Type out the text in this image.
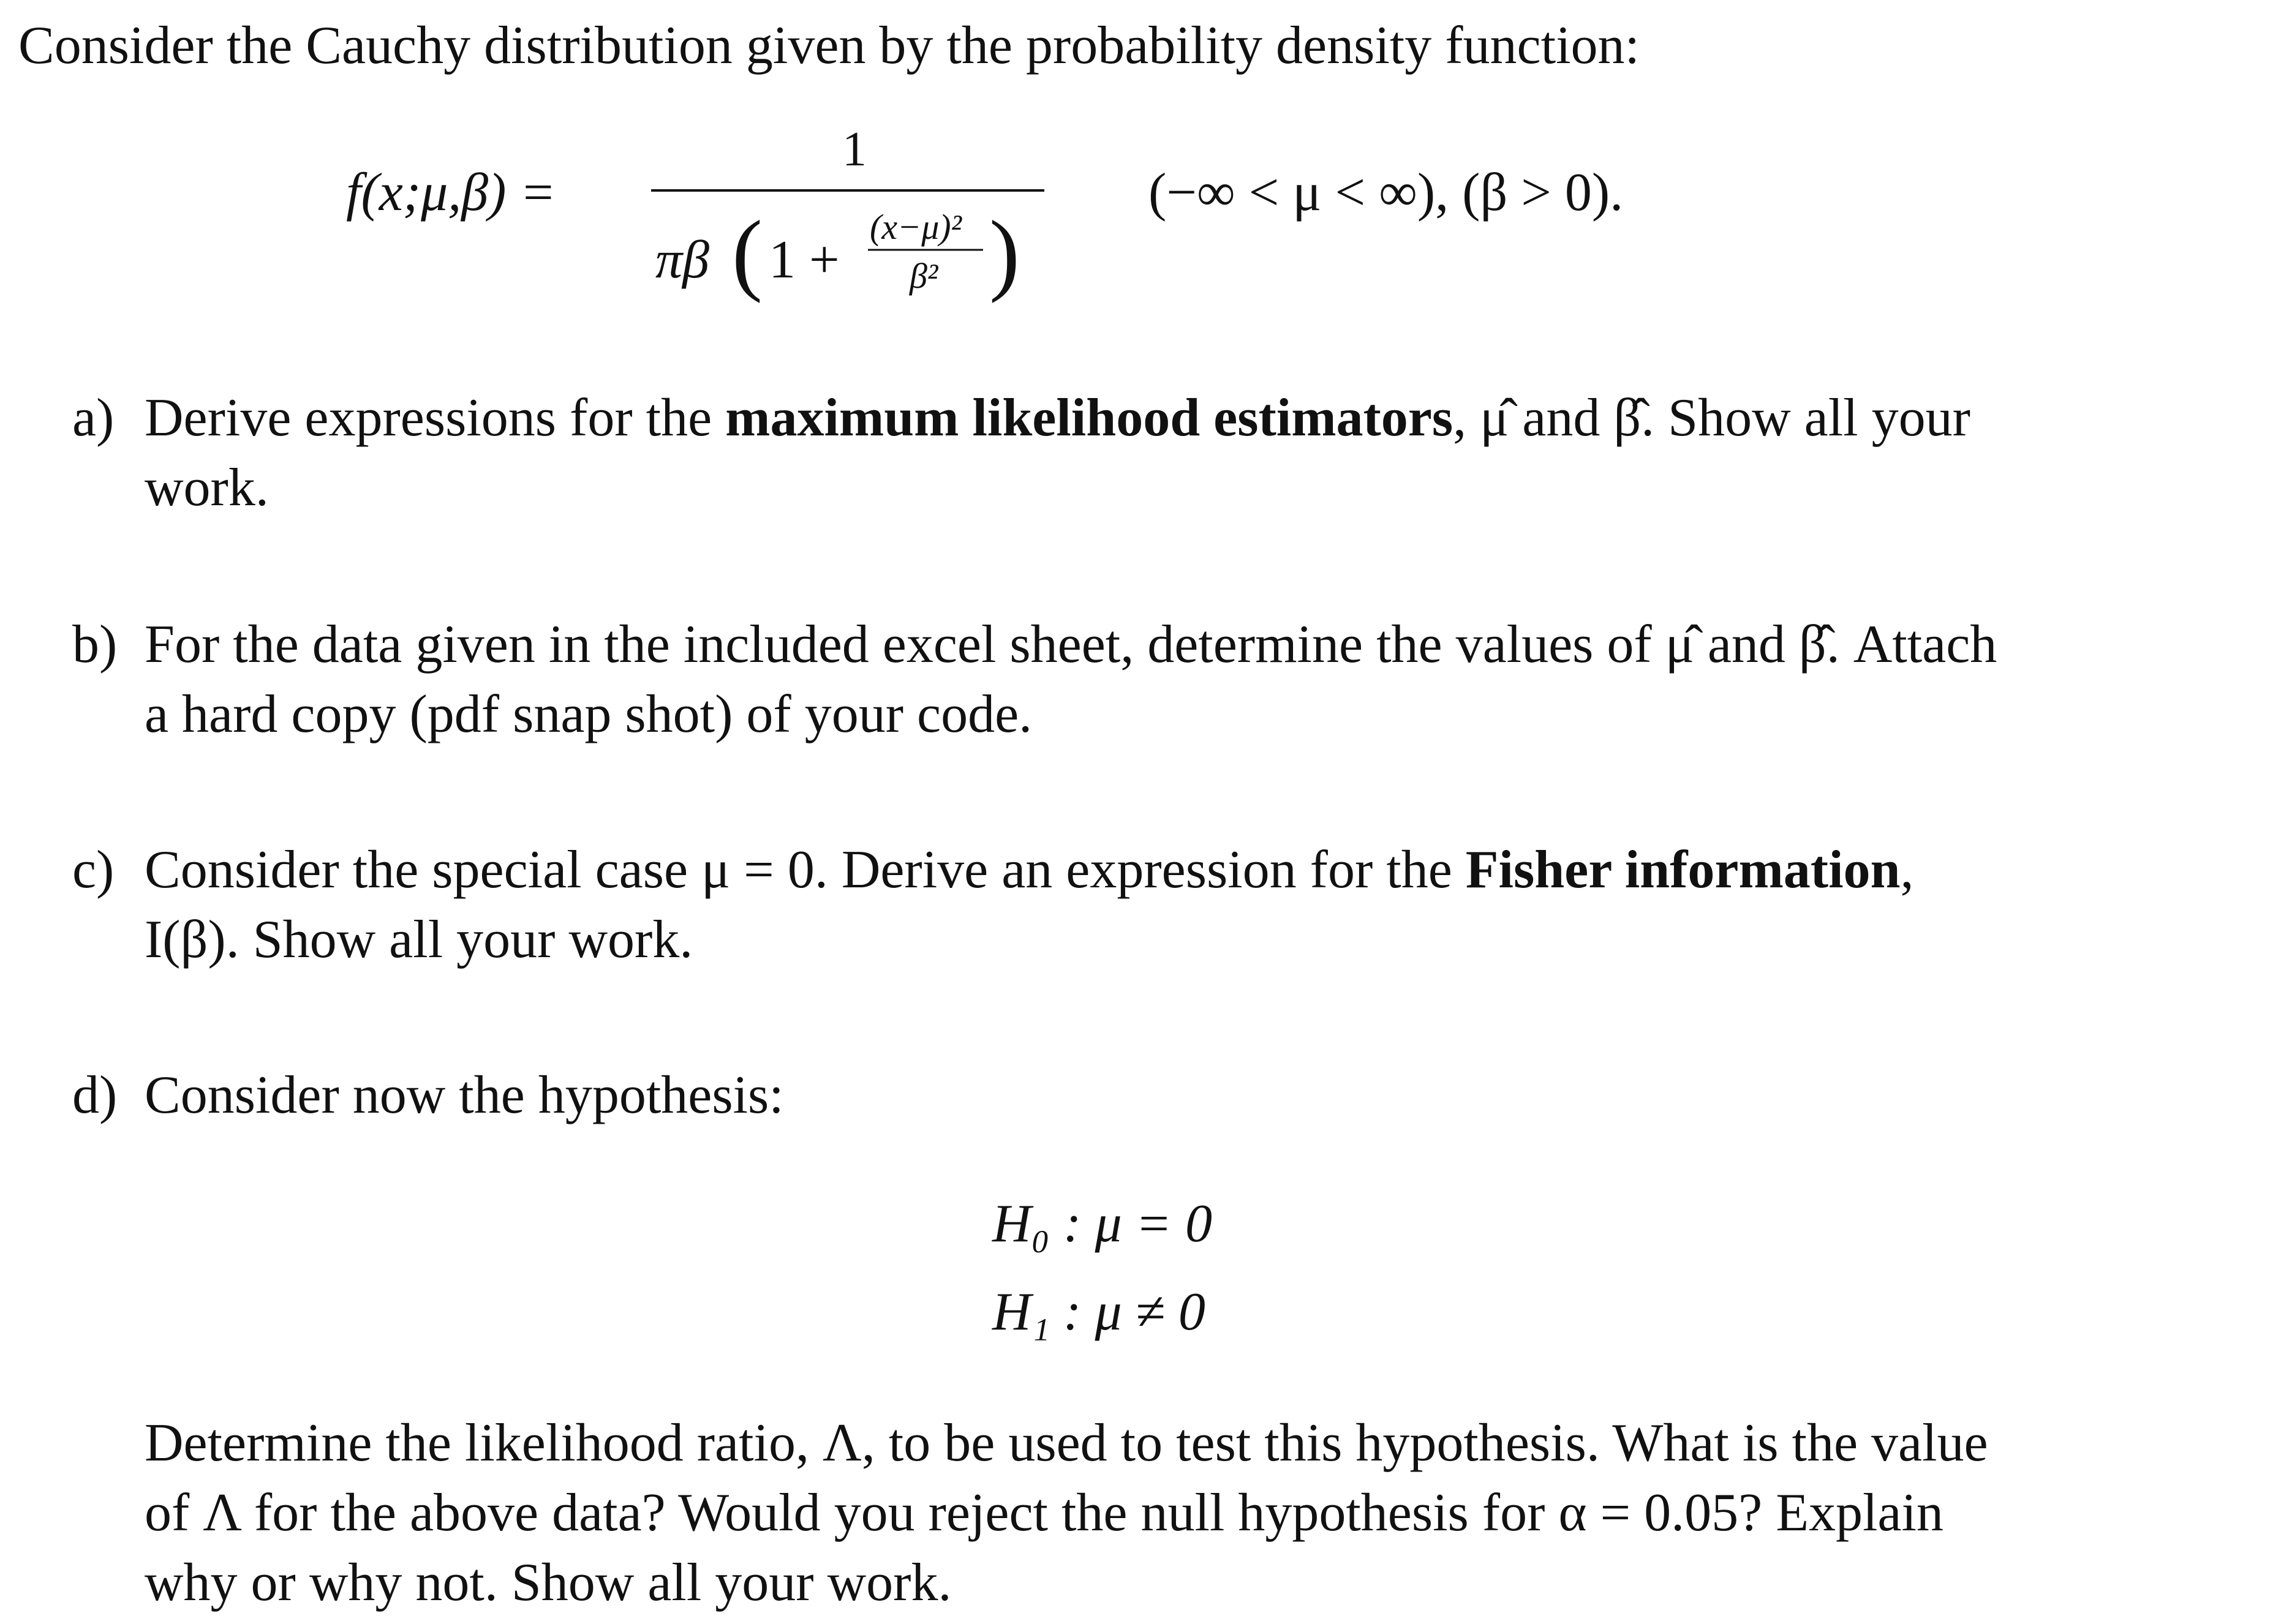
Consider the Cauchy distribution given by the probability density function:
f(x;μ,β) =
1
πβ ( 1 +
(x−μ)²
β² )
(−∞ < μ < ∞), (β > 0).
a) Derive expressions for the maximum likelihood estimators, μ̂ and β̂. Show all your
work.
b) For the data given in the included excel sheet, determine the values of μ̂ and β̂. Attach
a hard copy (pdf snap shot) of your code.
c) Consider the special case μ = 0. Derive an expression for the Fisher information,
I(β). Show all your work.
d) Consider now the hypothesis:
H₀ : μ = 0
H₁ : μ ≠ 0
Determine the likelihood ratio, Λ, to be used to test this hypothesis. What is the value
of Λ for the above data? Would you reject the null hypothesis for α = 0.05? Explain
why or why not. Show all your work.
